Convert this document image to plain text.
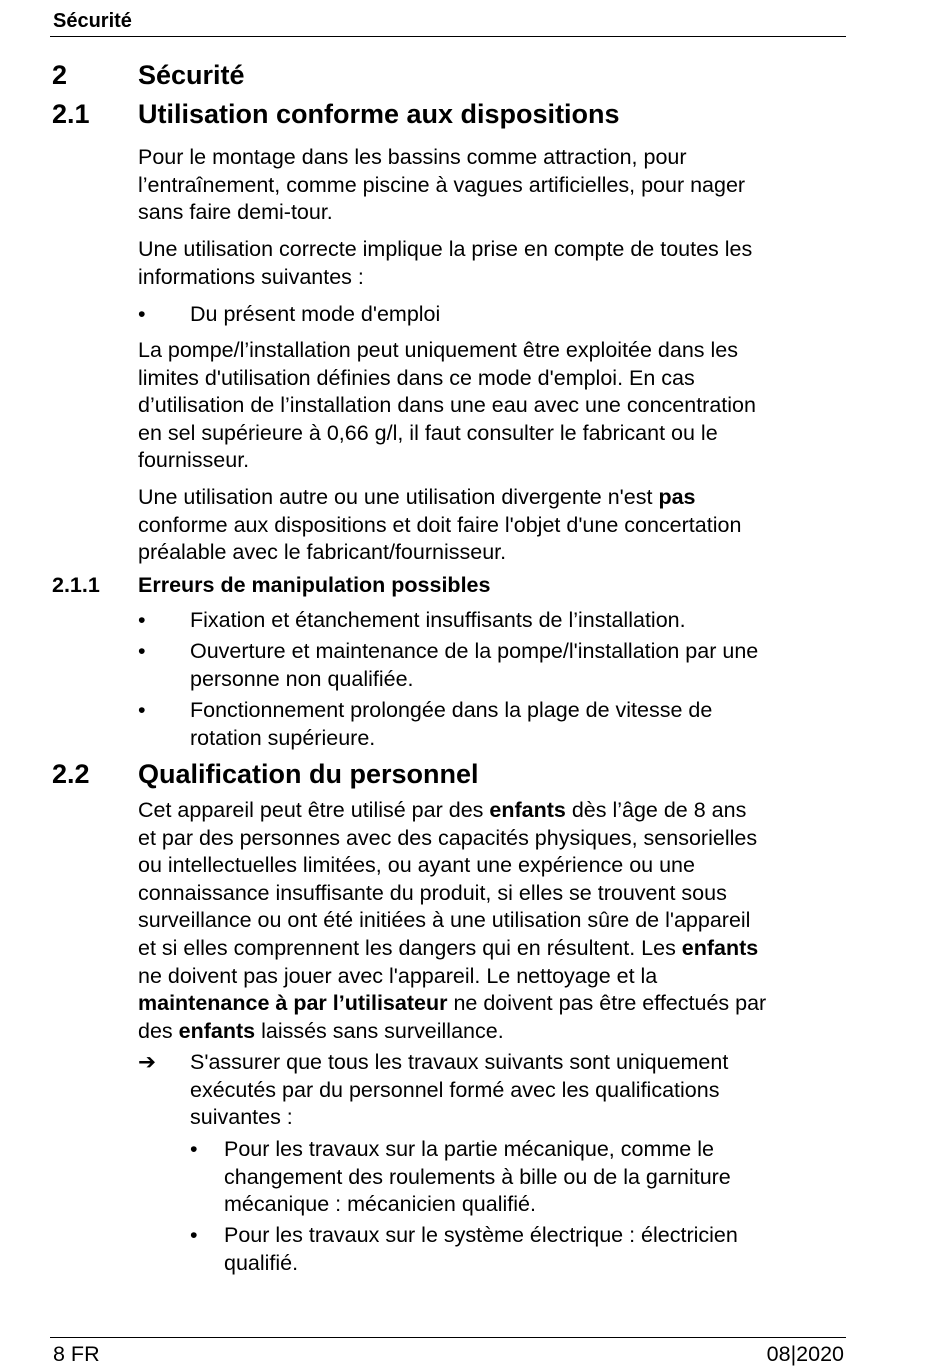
Sécurité
2	Sécurité
2.1 Utilisation conforme aux dispositions

Pour le montage dans les bassins comme attraction, pour
l’entraînement, comme piscine à vagues artificielles, pour nager
sans faire demi-tour.

Une utilisation correcte implique la prise en compte de toutes les
informations suivantes :

• Du présent mode d'emploi

La pompe/l’installation peut uniquement être exploitée dans les
limites d'utilisation définies dans ce mode d'emploi. En cas
d’utilisation de l’installation dans une eau avec une concentration
en sel supérieure à 0,66 g/l, il faut consulter le fabricant ou le
fournisseur.

Une utilisation autre ou une utilisation divergente n'est pas
conforme aux dispositions et doit faire l'objet d'une concertation
préalable avec le fabricant/fournisseur.

2.1.1 Erreurs de manipulation possibles
• Fixation et étanchement insuffisants de l’installation.
• Ouverture et maintenance de la pompe/l'installation par une
personne non qualifiée.
• Fonctionnement prolongée dans la plage de vitesse de
rotation supérieure.
2.2 Qualification du personnel

Cet appareil peut être utilisé par des enfants dès l’âge de 8 ans
et par des personnes avec des capacités physiques, sensorielles
ou intellectuelles limitées, ou ayant une expérience ou une
connaissance insuffisante du produit, si elles se trouvent sous
surveillance ou ont été initiées à une utilisation sûre de l'appareil
et si elles comprennent les dangers qui en résultent. Les enfants
ne doivent pas jouer avec l'appareil. Le nettoyage et la
maintenance à par l’utilisateur ne doivent pas être effectués par
des enfants laissés sans surveillance.

➔ S'assurer que tous les travaux suivants sont uniquement
exécutés par du personnel formé avec les qualifications
suivantes :
• Pour les travaux sur la partie mécanique, comme le
changement des roulements à bille ou de la garniture
mécanique : mécanicien qualifié.
• Pour les travaux sur le système électrique : électricien
qualifié.
8 FR	08|2020
